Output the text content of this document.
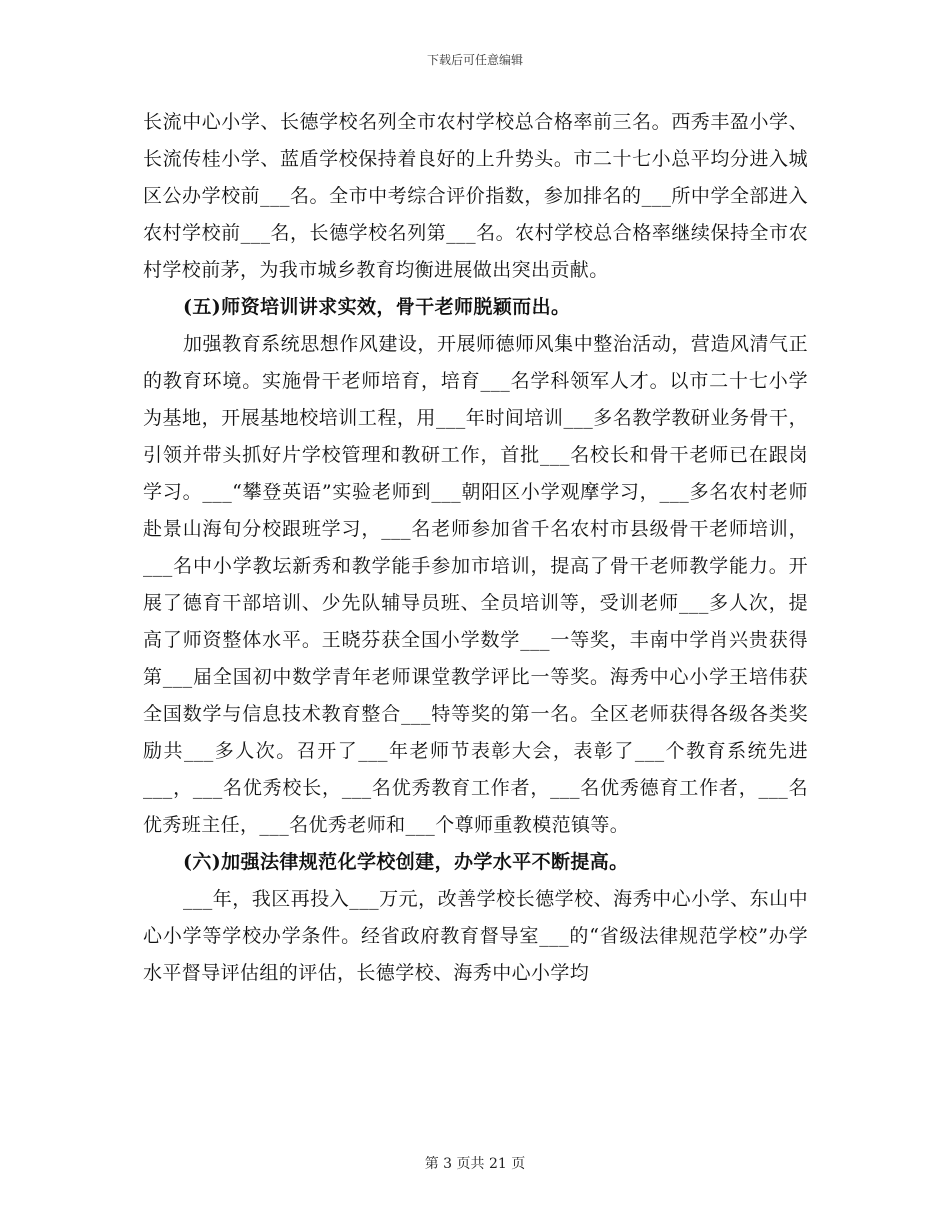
下载后可任意编辑

长流中心小学、长德学校名列全市农村学校总合格率前三名。西秀丰盈小学、长流传桂小学、蓝盾学校保持着良好的上升势头。市二十七小总平均分进入城区公办学校前___名。全市中考综合评价指数，参加排名的___所中学全部进入农村学校前___名，长德学校名列第___名。农村学校总合格率继续保持全市农村学校前茅，为我市城乡教育均衡进展做出突出贡献。

(五)师资培训讲求实效，骨干老师脱颖而出。

加强教育系统思想作风建设，开展师德师风集中整治活动，营造风清气正的教育环境。实施骨干老师培育，培育___名学科领军人才。以市二十七小学为基地，开展基地校培训工程，用___年时间培训___多名教学教研业务骨干，引领并带头抓好片学校管理和教研工作，首批___名校长和骨干老师已在跟岗学习。___“攀登英语”实验老师到___朝阳区小学观摩学习，___多名农村老师赴景山海旬分校跟班学习，___名老师参加省千名农村市县级骨干老师培训，___名中小学教坛新秀和教学能手参加市培训，提高了骨干老师教学能力。开展了德育干部培训、少先队辅导员班、全员培训等，受训老师___多人次，提高了师资整体水平。王晓芬获全国小学数学___一等奖，丰南中学肖兴贵获得第___届全国初中数学青年老师课堂教学评比一等奖。海秀中心小学王培伟获全国数学与信息技术教育整合___特等奖的第一名。全区老师获得各级各类奖励共___多人次。召开了___年老师节表彰大会，表彰了___个教育系统先进___，___名优秀校长，___名优秀教育工作者，___名优秀德育工作者，___名优秀班主任，___名优秀老师和___个尊师重教模范镇等。

(六)加强法律规范化学校创建，办学水平不断提高。

___年，我区再投入___万元，改善学校长德学校、海秀中心小学、东山中心小学等学校办学条件。经省政府教育督导室___的“省级法律规范学校”办学水平督导评估组的评估，长德学校、海秀中心小学均

第 3 页共 21 页
